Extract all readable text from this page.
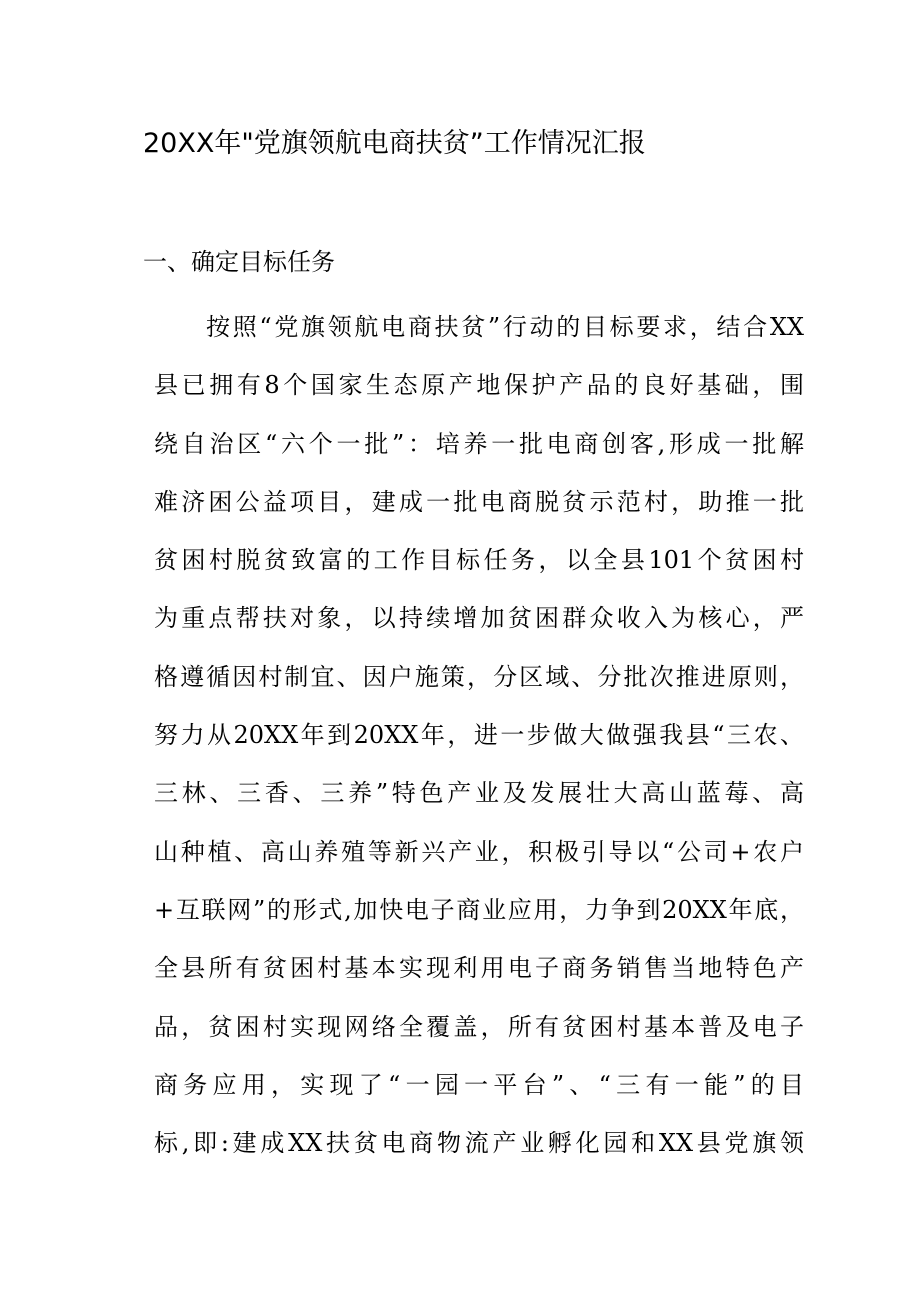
20XX年"党旗领航电商扶贫”工作情况汇报
一、确定目标任务
按照“党旗领航电商扶贫”行动的目标要求，结合XX
县已拥有8个国家生态原产地保护产品的良好基础，围
绕自治区“六个一批”：培养一批电商创客,形成一批解
难济困公益项目，建成一批电商脱贫示范村，助推一批
贫困村脱贫致富的工作目标任务，以全县101个贫困村
为重点帮扶对象，以持续增加贫困群众收入为核心，严
格遵循因村制宜、因户施策，分区域、分批次推进原则，
努力从20XX年到20XX年，进一步做大做强我县“三农、
三林、三香、三养”特色产业及发展壮大高山蓝莓、高
山种植、高山养殖等新兴产业，积极引导以“公司+农户
+互联网”的形式,加快电子商业应用，力争到20XX年底，
全县所有贫困村基本实现利用电子商务销售当地特色产
品，贫困村实现网络全覆盖，所有贫困村基本普及电子
商务应用，实现了“一园一平台”、“三有一能”的目
标,即:建成XX扶贫电商物流产业孵化园和XX县党旗领
